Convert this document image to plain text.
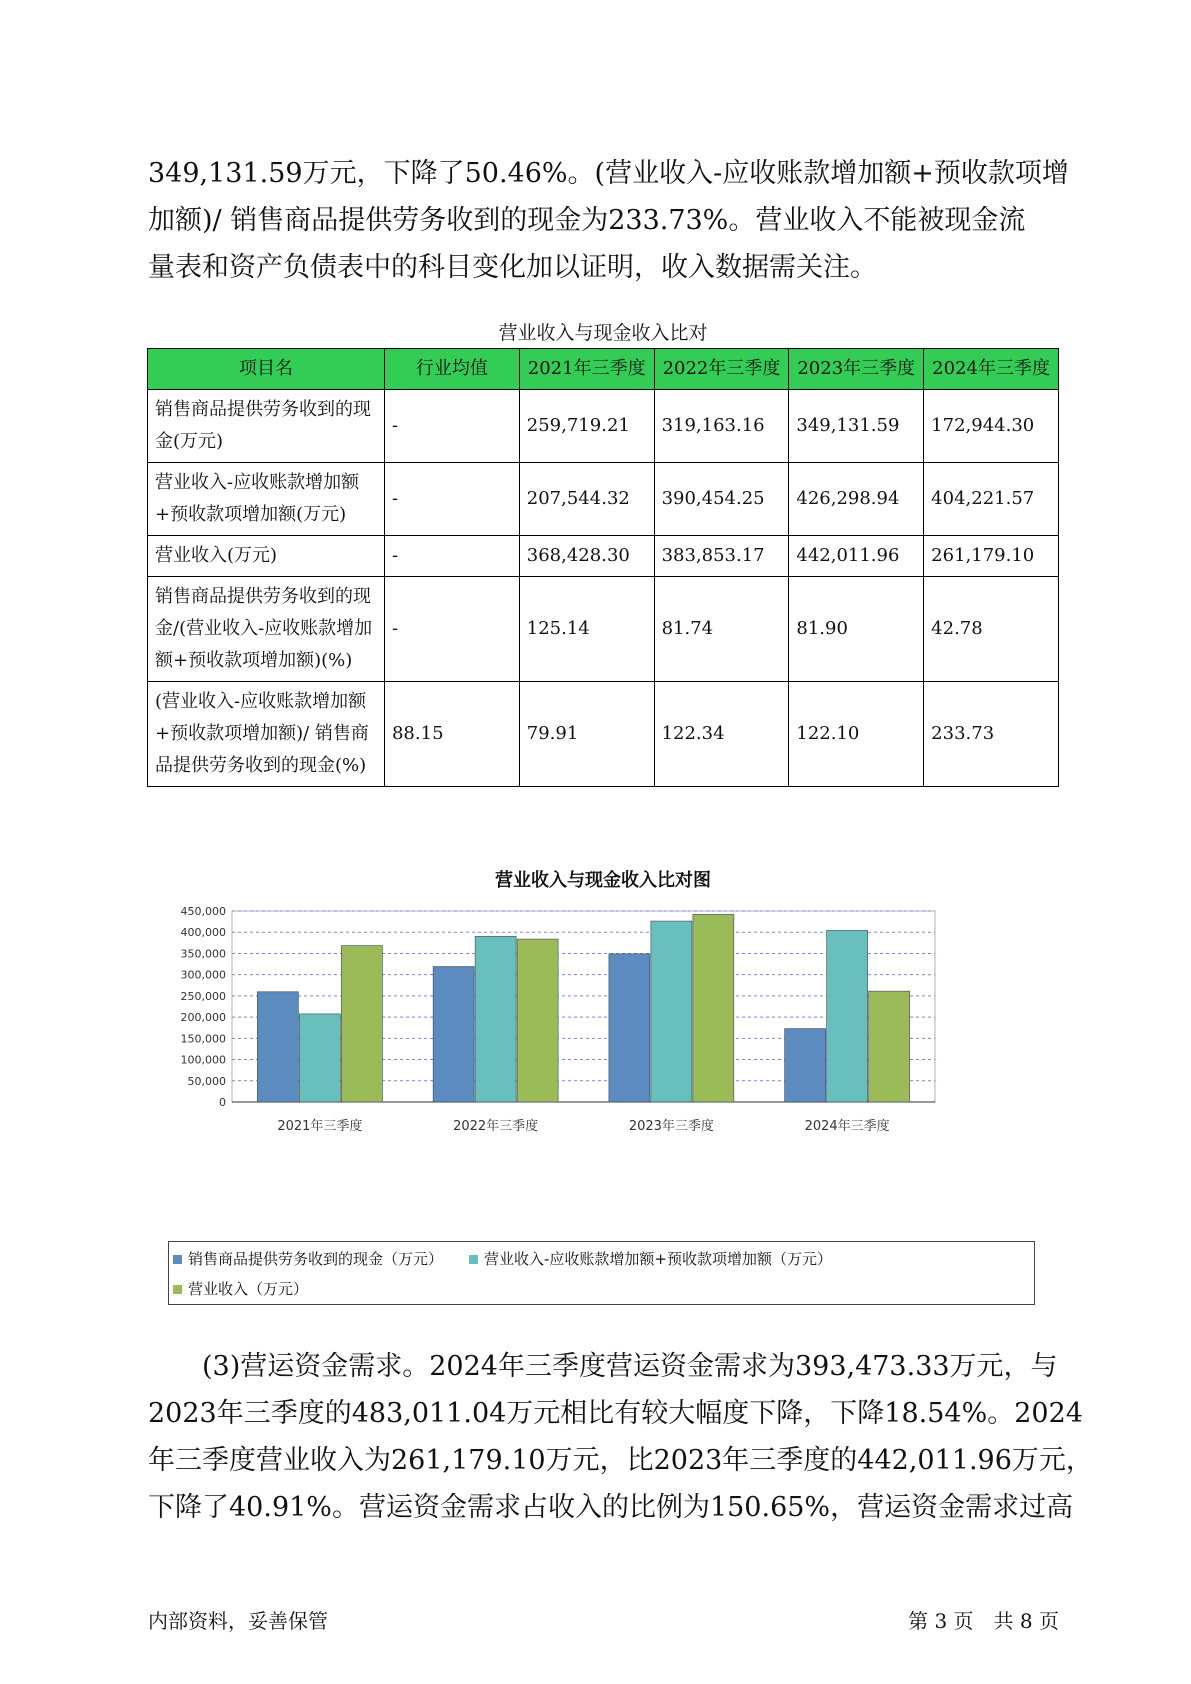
349,131.59万元，下降了50.46%。(营业收入-应收账款增加额+预收款项增
加额)/ 销售商品提供劳务收到的现金为233.73%。营业收入不能被现金流
量表和资产负债表中的科目变化加以证明，收入数据需关注。

营业收入与现金收入比对
项目名	行业均值	2021年三季度	2022年三季度	2023年三季度	2024年三季度
销售商品提供劳务收到的现金(万元)	-	259,719.21	319,163.16	349,131.59	172,944.30
营业收入-应收账款增加额+预收款项增加额(万元)	-	207,544.32	390,454.25	426,298.94	404,221.57
营业收入(万元)	-	368,428.30	383,853.17	442,011.96	261,179.10
销售商品提供劳务收到的现金/(营业收入-应收账款增加额+预收款项增加额)(%)	-	125.14	81.74	81.90	42.78
(营业收入-应收账款增加额+预收款项增加额)/ 销售商品提供劳务收到的现金(%)	88.15	79.91	122.34	122.10	233.73
营业收入与现金收入比对图
0
50,000
100,000
150,000
200,000
250,000
300,000
350,000
400,000
450,000
2021年三季度	2022年三季度	2023年三季度	2024年三季度
销售商品提供劳务收到的现金（万元）	营业收入-应收账款增加额+预收款项增加额（万元）
营业收入（万元）

　　(3)营运资金需求。2024年三季度营运资金需求为393,473.33万元，与
2023年三季度的483,011.04万元相比有较大幅度下降，下降18.54%。2024
年三季度营业收入为261,179.10万元，比2023年三季度的442,011.96万元，
下降了40.91%。营运资金需求占收入的比例为150.65%，营运资金需求过高

内部资料，妥善保管	第 3 页　共 8 页
